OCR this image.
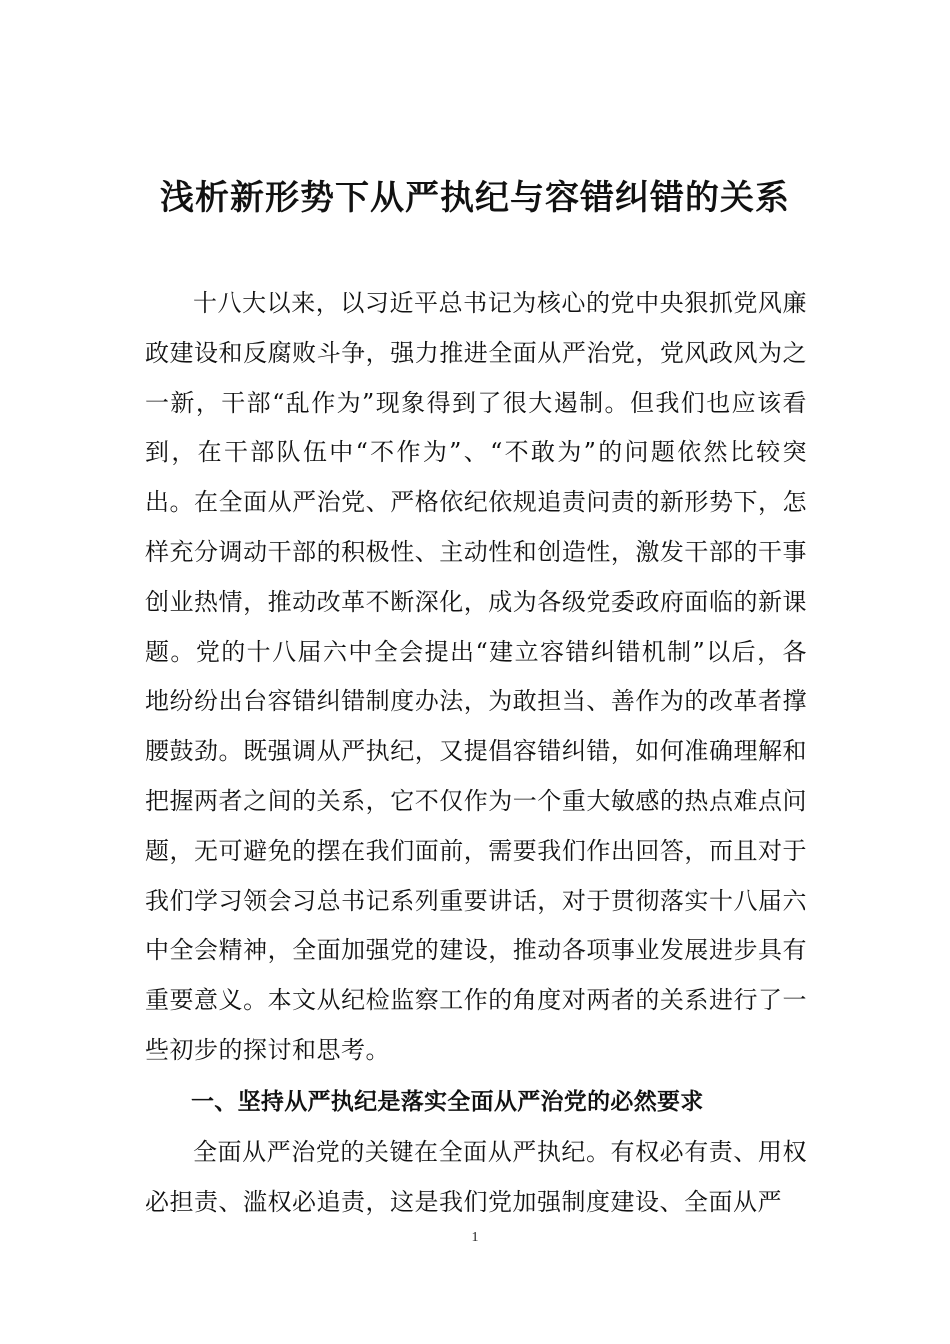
浅析新形势下从严执纪与容错纠错的关系

十八大以来，以习近平总书记为核心的党中央狠抓党风廉政建设和反腐败斗争，强力推进全面从严治党，党风政风为之一新，干部“乱作为”现象得到了很大遏制。但我们也应该看到，在干部队伍中“不作为”、“不敢为”的问题依然比较突出。在全面从严治党、严格依纪依规追责问责的新形势下，怎样充分调动干部的积极性、主动性和创造性，激发干部的干事创业热情，推动改革不断深化，成为各级党委政府面临的新课题。党的十八届六中全会提出“建立容错纠错机制”以后，各地纷纷出台容错纠错制度办法，为敢担当、善作为的改革者撑腰鼓劲。既强调从严执纪，又提倡容错纠错，如何准确理解和把握两者之间的关系，它不仅作为一个重大敏感的热点难点问题，无可避免的摆在我们面前，需要我们作出回答，而且对于我们学习领会习总书记系列重要讲话，对于贯彻落实十八届六中全会精神，全面加强党的建设，推动各项事业发展进步具有重要意义。本文从纪检监察工作的角度对两者的关系进行了一些初步的探讨和思考。

一、坚持从严执纪是落实全面从严治党的必然要求

全面从严治党的关键在全面从严执纪。有权必有责、用权必担责、滥权必追责，这是我们党加强制度建设、全面从严

1
